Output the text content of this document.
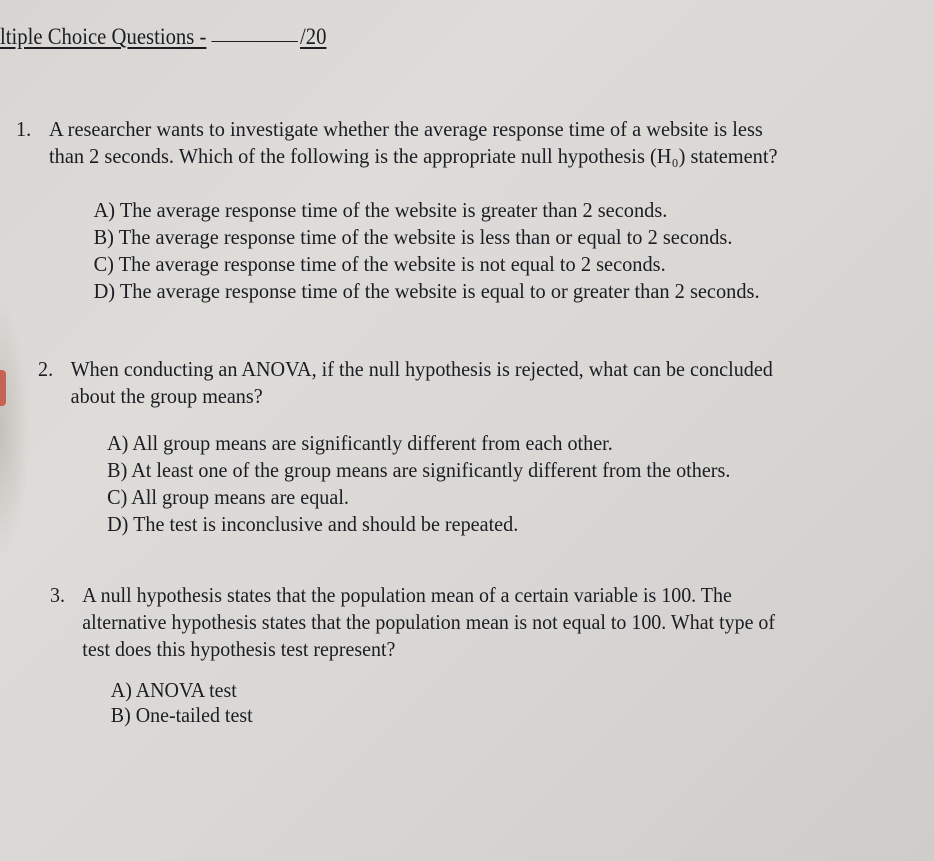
ltiple Choice Questions -	/20
1. A researcher wants to investigate whether the average response time of a website is less
than 2 seconds. Which of the following is the appropriate null hypothesis (H₀) statement?
A) The average response time of the website is greater than 2 seconds.
B) The average response time of the website is less than or equal to 2 seconds.
C) The average response time of the website is not equal to 2 seconds.
D) The average response time of the website is equal to or greater than 2 seconds.
2. When conducting an ANOVA, if the null hypothesis is rejected, what can be concluded
about the group means?
A) All group means are significantly different from each other.
B) At least one of the group means are significantly different from the others.
C) All group means are equal.
D) The test is inconclusive and should be repeated.
3. A null hypothesis states that the population mean of a certain variable is 100. The
alternative hypothesis states that the population mean is not equal to 100. What type of
test does this hypothesis test represent?
A) ANOVA test
B) One-tailed test
